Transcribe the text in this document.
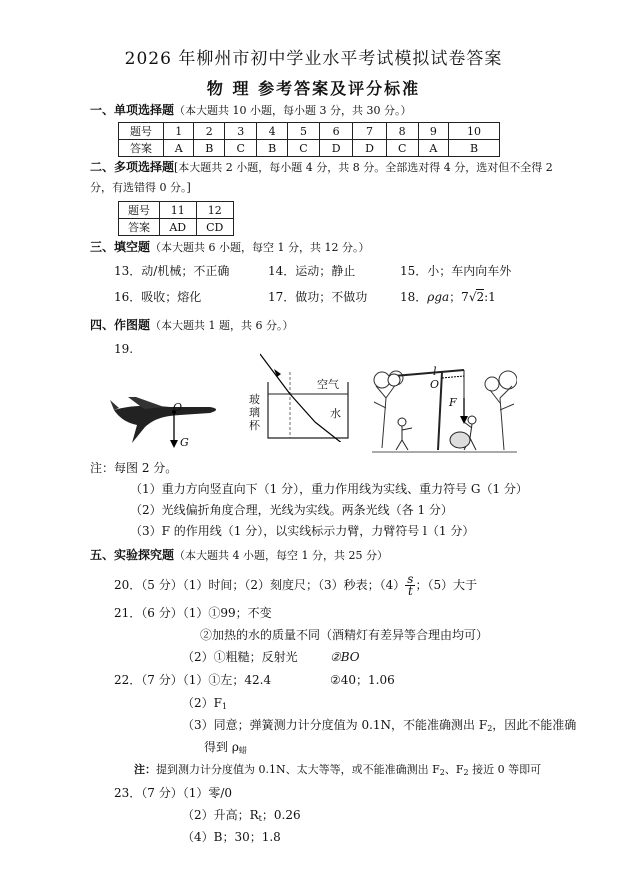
2026 年柳州市初中学业水平考试模拟试卷答案
物 理 参考答案及评分标准
一、单项选择题（本大题共 10 小题，每小题 3 分，共 30 分。）
题号	1	2	3	4	5	6	7	8	9	10
答案	A	B	C	B	C	D	D	C	A	B
二、多项选择题[本大题共 2 小题，每小题 4 分，共 8 分。全部选对得 4 分，选对但不全得 2
分，有选错得 0 分。]
题号	11	12
答案	AD	CD
三、填空题（本大题共 6 小题，每空 1 分，共 12 分。）
13．动/机械；不正确	14．运动；静止	15．小；车内向车外
16．吸收；熔化	17．做功；不做功	18．ρga；7√2:1
四、作图题（本大题共 1 题，共 6 分。）
19.
O
G
空气
水
玻
璃
杯
l
O
F
注：每图 2 分。
（1）重力方向竖直向下（1 分），重力作用线为实线、重力符号 G（1 分）
（2）光线偏折角度合理，光线为实线。两条光线（各 1 分）
（3）F 的作用线（1 分），以实线标示力臂，力臂符号 l（1 分）
五、实验探究题（本大题共 4 小题，每空 1 分，共 25 分）
20．（5 分）（1）时间；（2）刻度尺；（3）秒表；$(4) \frac{s}{t}$ ；（5）大于
21．（6 分）（1）①99；不变
②加热的水的质量不同（酒精灯有差异等合理由均可）
（2）①粗糙；反射光	②BO
22．（7 分）（1）①左；42.4	②40；1.06
$(2)F_1$
（3）同意；弹簧测力计分度值为 0.1N，不能准确测出 $F_2$，因此不能准确
得到 $\rho_蜡$
注：提到测力计分度值为 0.1N、太大等等，或不能准确测出 $F_2$、$F_2$ 接近 0 等即可
23．（7 分）（1）零/0
（2）升高；$R_t$；0.26
（4）B；30；1.8
